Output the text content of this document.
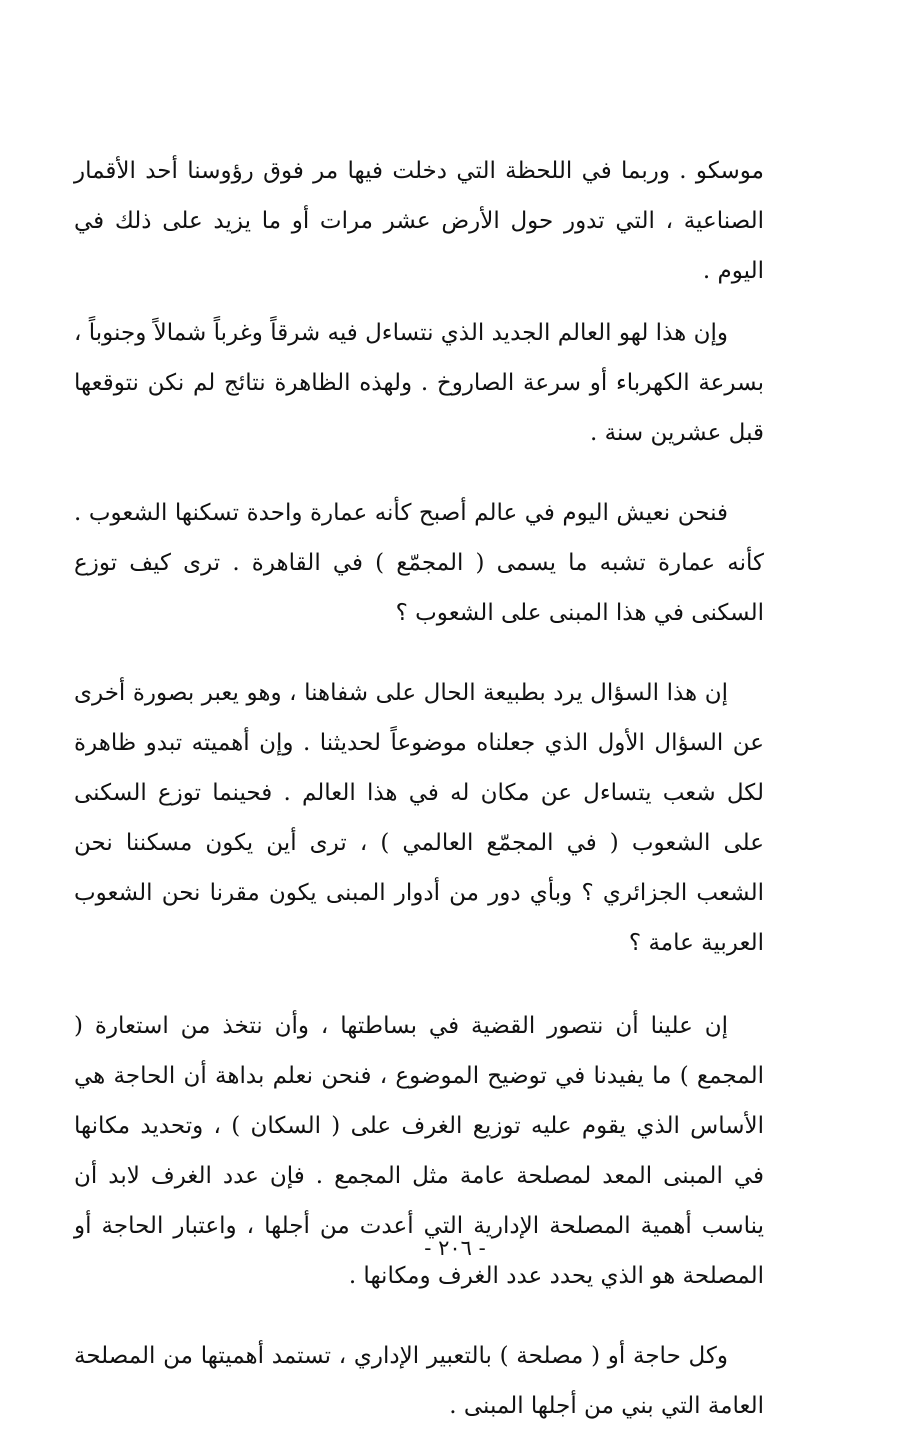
موسكو . وربما في اللحظة التي دخلت فيها مر فوق رؤوسنا أحد الأقمار الصناعية ، التي تدور حول الأرض عشر مرات أو ما يزيد على ذلك في اليوم .

وإن هذا لهو العالم الجديد الذي نتساءل فيه شرقاً وغرباً شمالاً وجنوباً ، بسرعة الكهرباء أو سرعة الصاروخ . ولهذه الظاهرة نتائج لم نكن نتوقعها قبل عشرين سنة .

فنحن نعيش اليوم في عالم أصبح كأنه عمارة واحدة تسكنها الشعوب . كأنه عمارة تشبه ما يسمى ( المجمّع ) في القاهرة . ترى كيف توزع السكنى في هذا المبنى على الشعوب ؟

إن هذا السؤال يرد بطبيعة الحال على شفاهنا ، وهو يعبر بصورة أخرى عن السؤال الأول الذي جعلناه موضوعاً لحديثنا . وإن أهميته تبدو ظاهرة لكل شعب يتساءل عن مكان له في هذا العالم . فحينما توزع السكنى على الشعوب ( في المجمّع العالمي ) ، ترى أين يكون مسكننا نحن الشعب الجزائري ؟ وبأي دور من أدوار المبنى يكون مقرنا نحن الشعوب العربية عامة ؟

إن علينا أن نتصور القضية في بساطتها ، وأن نتخذ من استعارة ( المجمع ) ما يفيدنا في توضيح الموضوع ، فنحن نعلم بداهة أن الحاجة هي الأساس الذي يقوم عليه توزيع الغرف على ( السكان ) ، وتحديد مكانها في المبنى المعد لمصلحة عامة مثل المجمع . فإن عدد الغرف لابد أن يناسب أهمية المصلحة الإدارية التي أعدت من أجلها ، واعتبار الحاجة أو المصلحة هو الذي يحدد عدد الغرف ومكانها .

وكل حاجة أو ( مصلحة ) بالتعبير الإداري ، تستمد أهميتها من المصلحة العامة التي بني من أجلها المبنى .

- ٢٠٦ -
